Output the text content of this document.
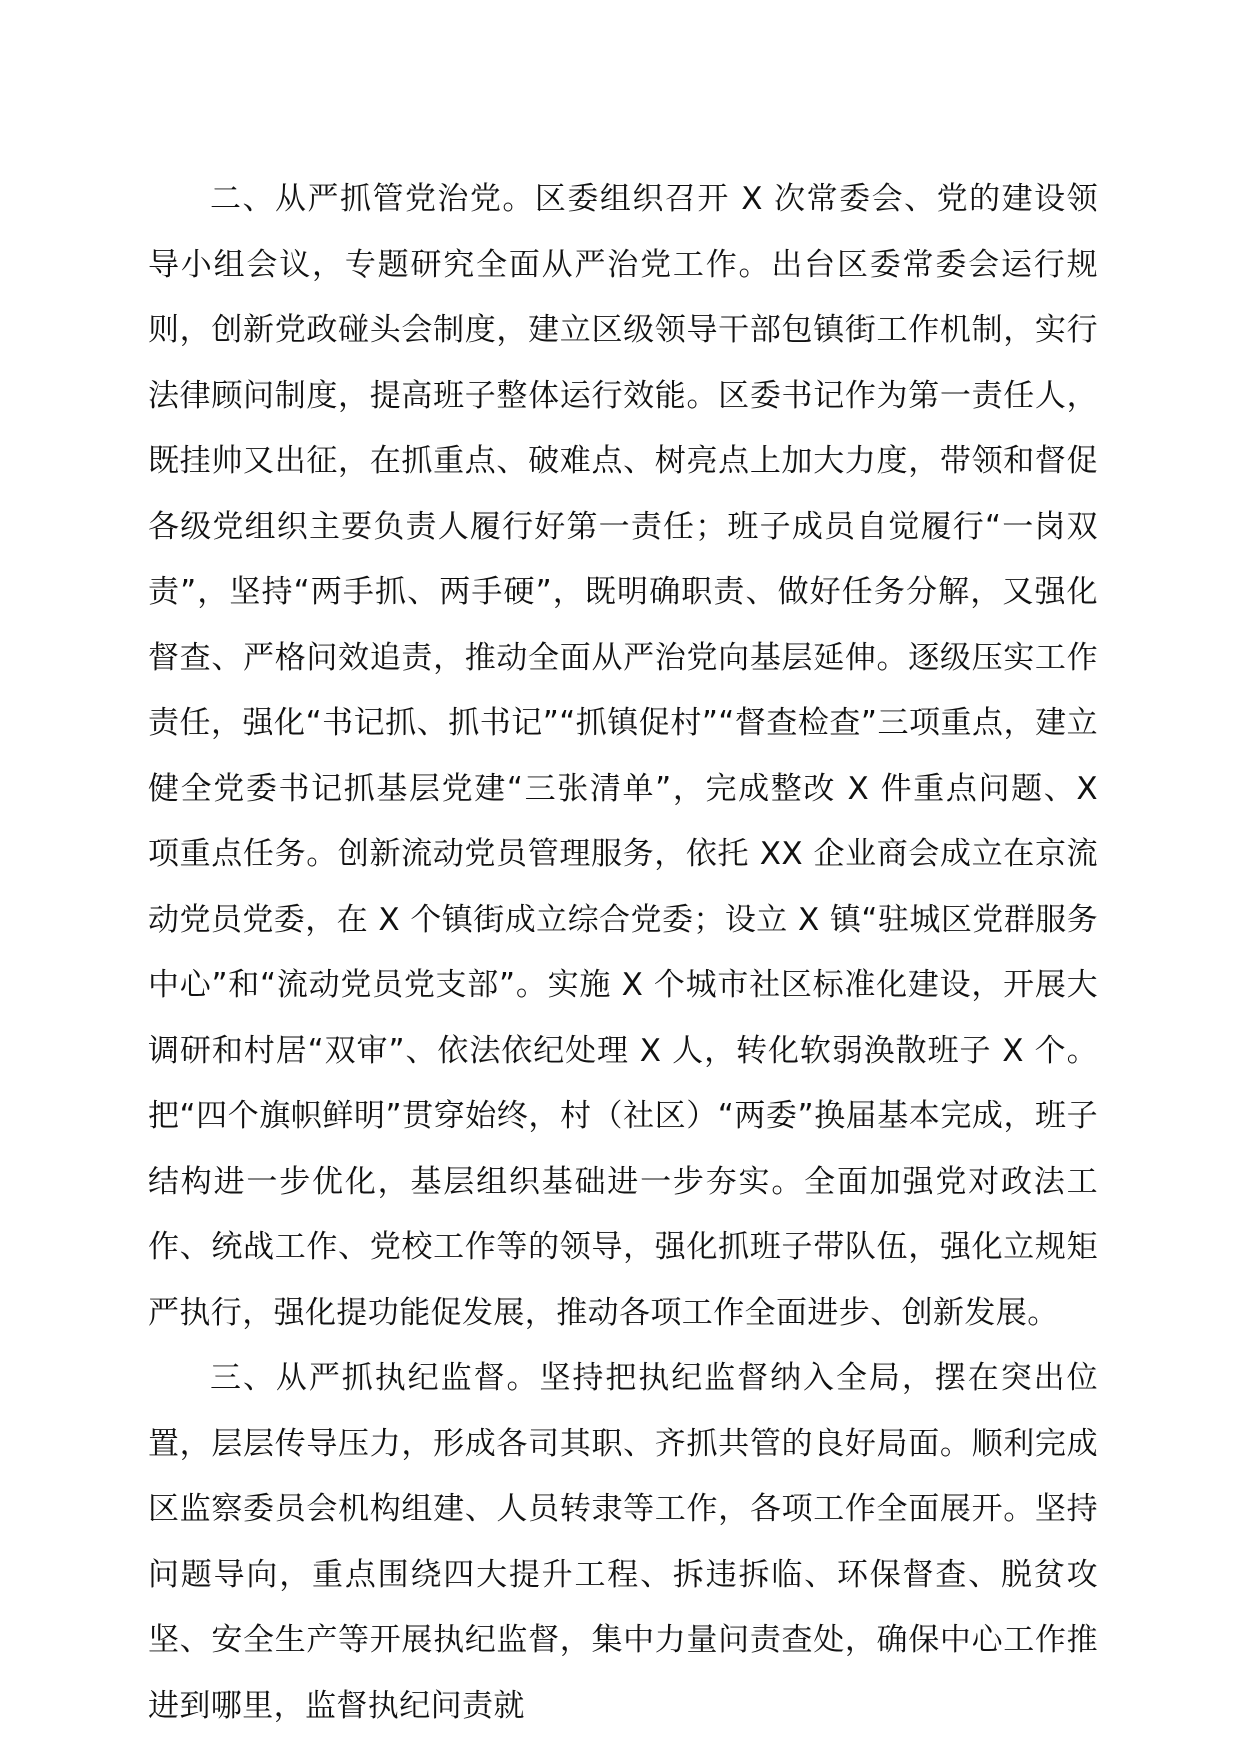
二、从严抓管党治党。区委组织召开 X 次常委会、党的建设领导小组会议，专题研究全面从严治党工作。出台区委常委会运行规则，创新党政碰头会制度，建立区级领导干部包镇街工作机制，实行法律顾问制度，提高班子整体运行效能。区委书记作为第一责任人，既挂帅又出征，在抓重点、破难点、树亮点上加大力度，带领和督促各级党组织主要负责人履行好第一责任；班子成员自觉履行“一岗双责”，坚持“两手抓、两手硬”，既明确职责、做好任务分解，又强化督查、严格问效追责，推动全面从严治党向基层延伸。逐级压实工作责任，强化“书记抓、抓书记”“抓镇促村”“督查检查”三项重点，建立健全党委书记抓基层党建“三张清单”，完成整改 X 件重点问题、X 项重点任务。创新流动党员管理服务，依托 XX 企业商会成立在京流动党员党委，在 X 个镇街成立综合党委；设立 X 镇“驻城区党群服务中心”和“流动党员党支部”。实施 X 个城市社区标准化建设，开展大调研和村居“双审”、依法依纪处理 X 人，转化软弱涣散班子 X 个。把“四个旗帜鲜明”贯穿始终，村（社区）“两委”换届基本完成，班子结构进一步优化，基层组织基础进一步夯实。全面加强党对政法工作、统战工作、党校工作等的领导，强化抓班子带队伍，强化立规矩严执行，强化提功能促发展，推动各项工作全面进步、创新发展。

三、从严抓执纪监督。坚持把执纪监督纳入全局，摆在突出位置，层层传导压力，形成各司其职、齐抓共管的良好局面。顺利完成区监察委员会机构组建、人员转隶等工作，各项工作全面展开。坚持问题导向，重点围绕四大提升工程、拆违拆临、环保督查、脱贫攻坚、安全生产等开展执纪监督，集中力量问责查处，确保中心工作推进到哪里，监督执纪问责就
